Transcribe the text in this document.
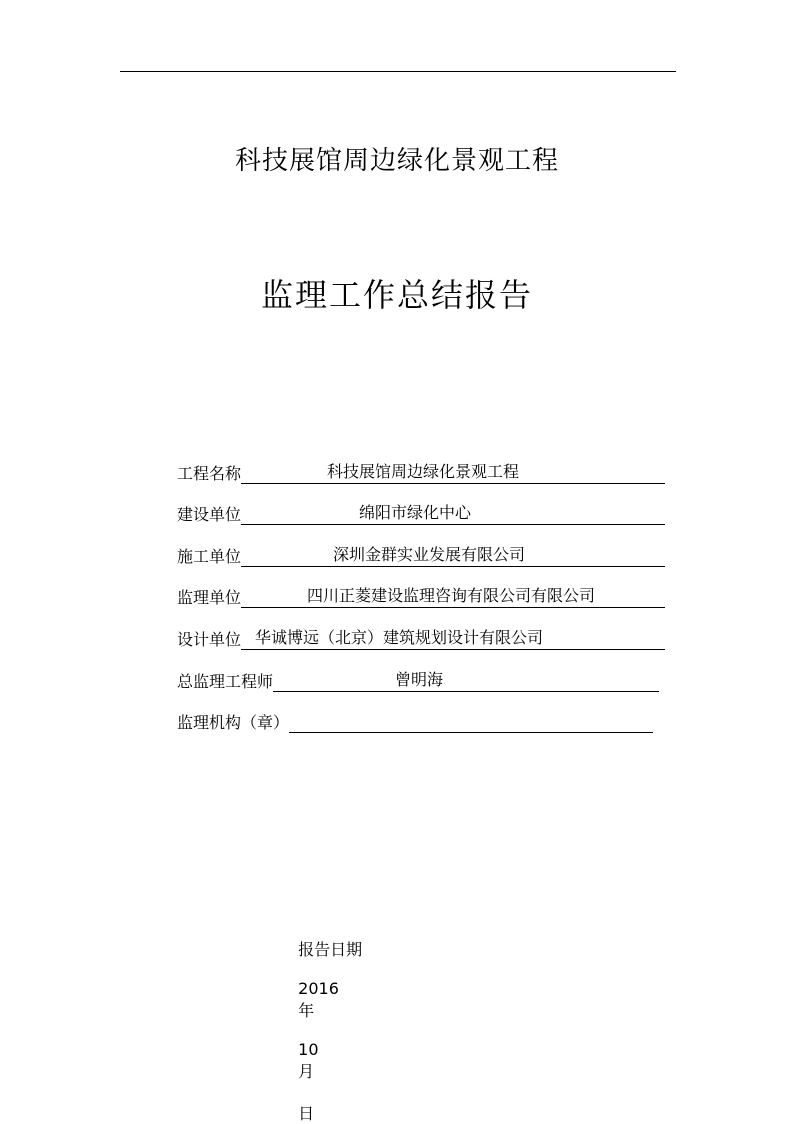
科技展馆周边绿化景观工程
监理工作总结报告
工程名称	科技展馆周边绿化景观工程
建设单位	绵阳市绿化中心
施工单位	深圳金群实业发展有限公司
监理单位	四川正菱建设监理咨询有限公司有限公司
设计单位 华诚博远（北京）建筑规划设计有限公司
总监理工程师	曾明海
监理机构（章）

报告日期

2016
年

10
月

日
